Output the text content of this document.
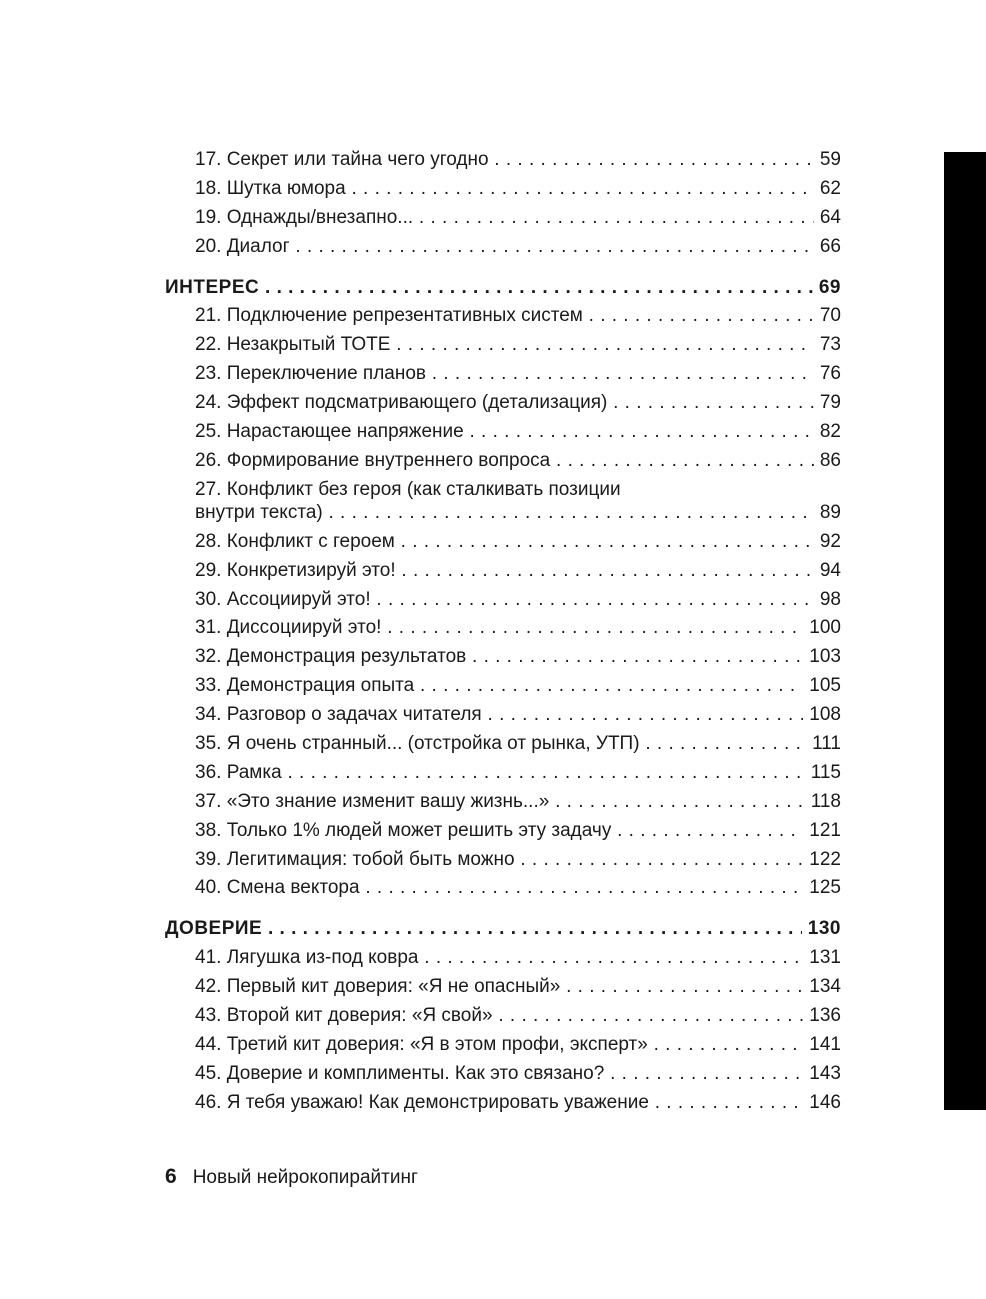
17. Секрет или тайна чего угодно . . .	59
18. Шутка юмора . . .	62
19. Однажды/внезапно... . . .	64
20. Диалог . . .	66
ИНТЕРЕС . . .	69
21. Подключение репрезентативных систем . . .	70
22. Незакрытый ТОТЕ . . .	73
23. Переключение планов . . .	76
24. Эффект подсматривающего (детализация) . . .	79
25. Нарастающее напряжение . . .	82
26. Формирование внутреннего вопроса . . .	86
27. Конфликт без героя (как сталкивать позиции
внутри текста) . . .	89
28. Конфликт с героем . . .	92
29. Конкретизируй это! . . .	94
30. Ассоциируй это! . . .	98
31. Диссоциируй это! . . .	100
32. Демонстрация результатов . . .	103
33. Демонстрация опыта . . .	105
34. Разговор о задачах читателя . . .	108
35. Я очень странный... (отстройка от рынка, УТП) . . .	111
36. Рамка . . .	115
37. «Это знание изменит вашу жизнь...» . . .	118
38. Только 1% людей может решить эту задачу . . .	121
39. Легитимация: тобой быть можно . . .	122
40. Смена вектора . . .	125
ДОВЕРИЕ . . .	130
41. Лягушка из-под ковра . . .	131
42. Первый кит доверия: «Я не опасный» . . .	134
43. Второй кит доверия: «Я свой» . . .	136
44. Третий кит доверия: «Я в этом профи, эксперт» . . .	141
45. Доверие и комплименты. Как это связано? . . .	143
46. Я тебя уважаю! Как демонстрировать уважение . . .	146
6 Новый нейрокопирайтинг
